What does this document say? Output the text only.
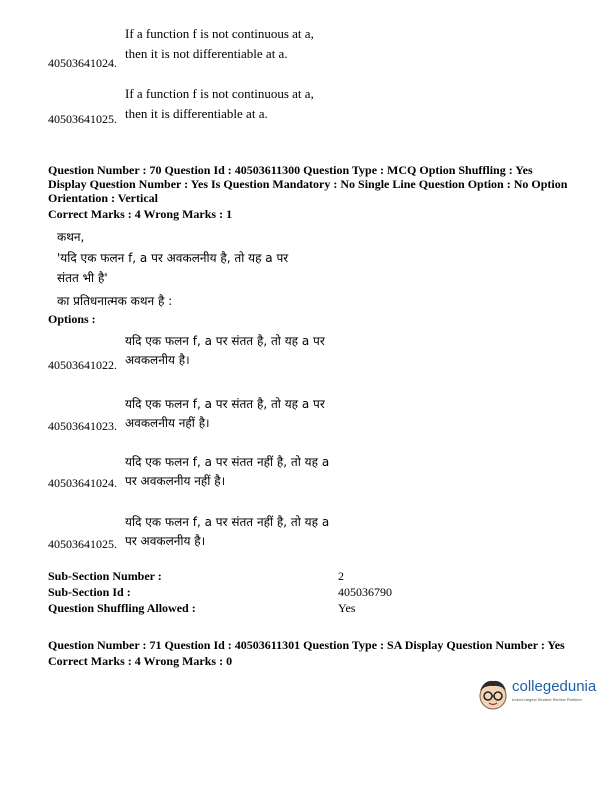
If a function f is not continuous at a,
then it is not differentiable at a.
40503641024.
If a function f is not continuous at a,
then it is differentiable at a.
40503641025.
Question Number : 70 Question Id : 40503611300 Question Type : MCQ Option Shuffling : Yes
Display Question Number : Yes Is Question Mandatory : No Single Line Question Option : No Option
Orientation : Vertical
Correct Marks : 4 Wrong Marks : 1
कथन,
'यदि एक फलन f, a पर अवकलनीय है, तो यह a पर
संतत भी है'
का प्रतिधनात्मक कथन है :
Options :
यदि एक फलन f, a पर संतत है, तो यह a पर
अवकलनीय है।
40503641022.
यदि एक फलन f, a पर संतत है, तो यह a पर
अवकलनीय नहीं है।
40503641023.
यदि एक फलन f, a पर संतत नहीं है, तो यह a
पर अवकलनीय नहीं है।
40503641024.
यदि एक फलन f, a पर संतत नहीं है, तो यह a
पर अवकलनीय है।
40503641025.
Sub-Section Number :	2
Sub-Section Id :	405036790
Question Shuffling Allowed :	Yes
Question Number : 71 Question Id : 40503611301 Question Type : SA Display Question Number : Yes
Correct Marks : 4 Wrong Marks : 0
collegedunia
India's largest Student Review Platform
